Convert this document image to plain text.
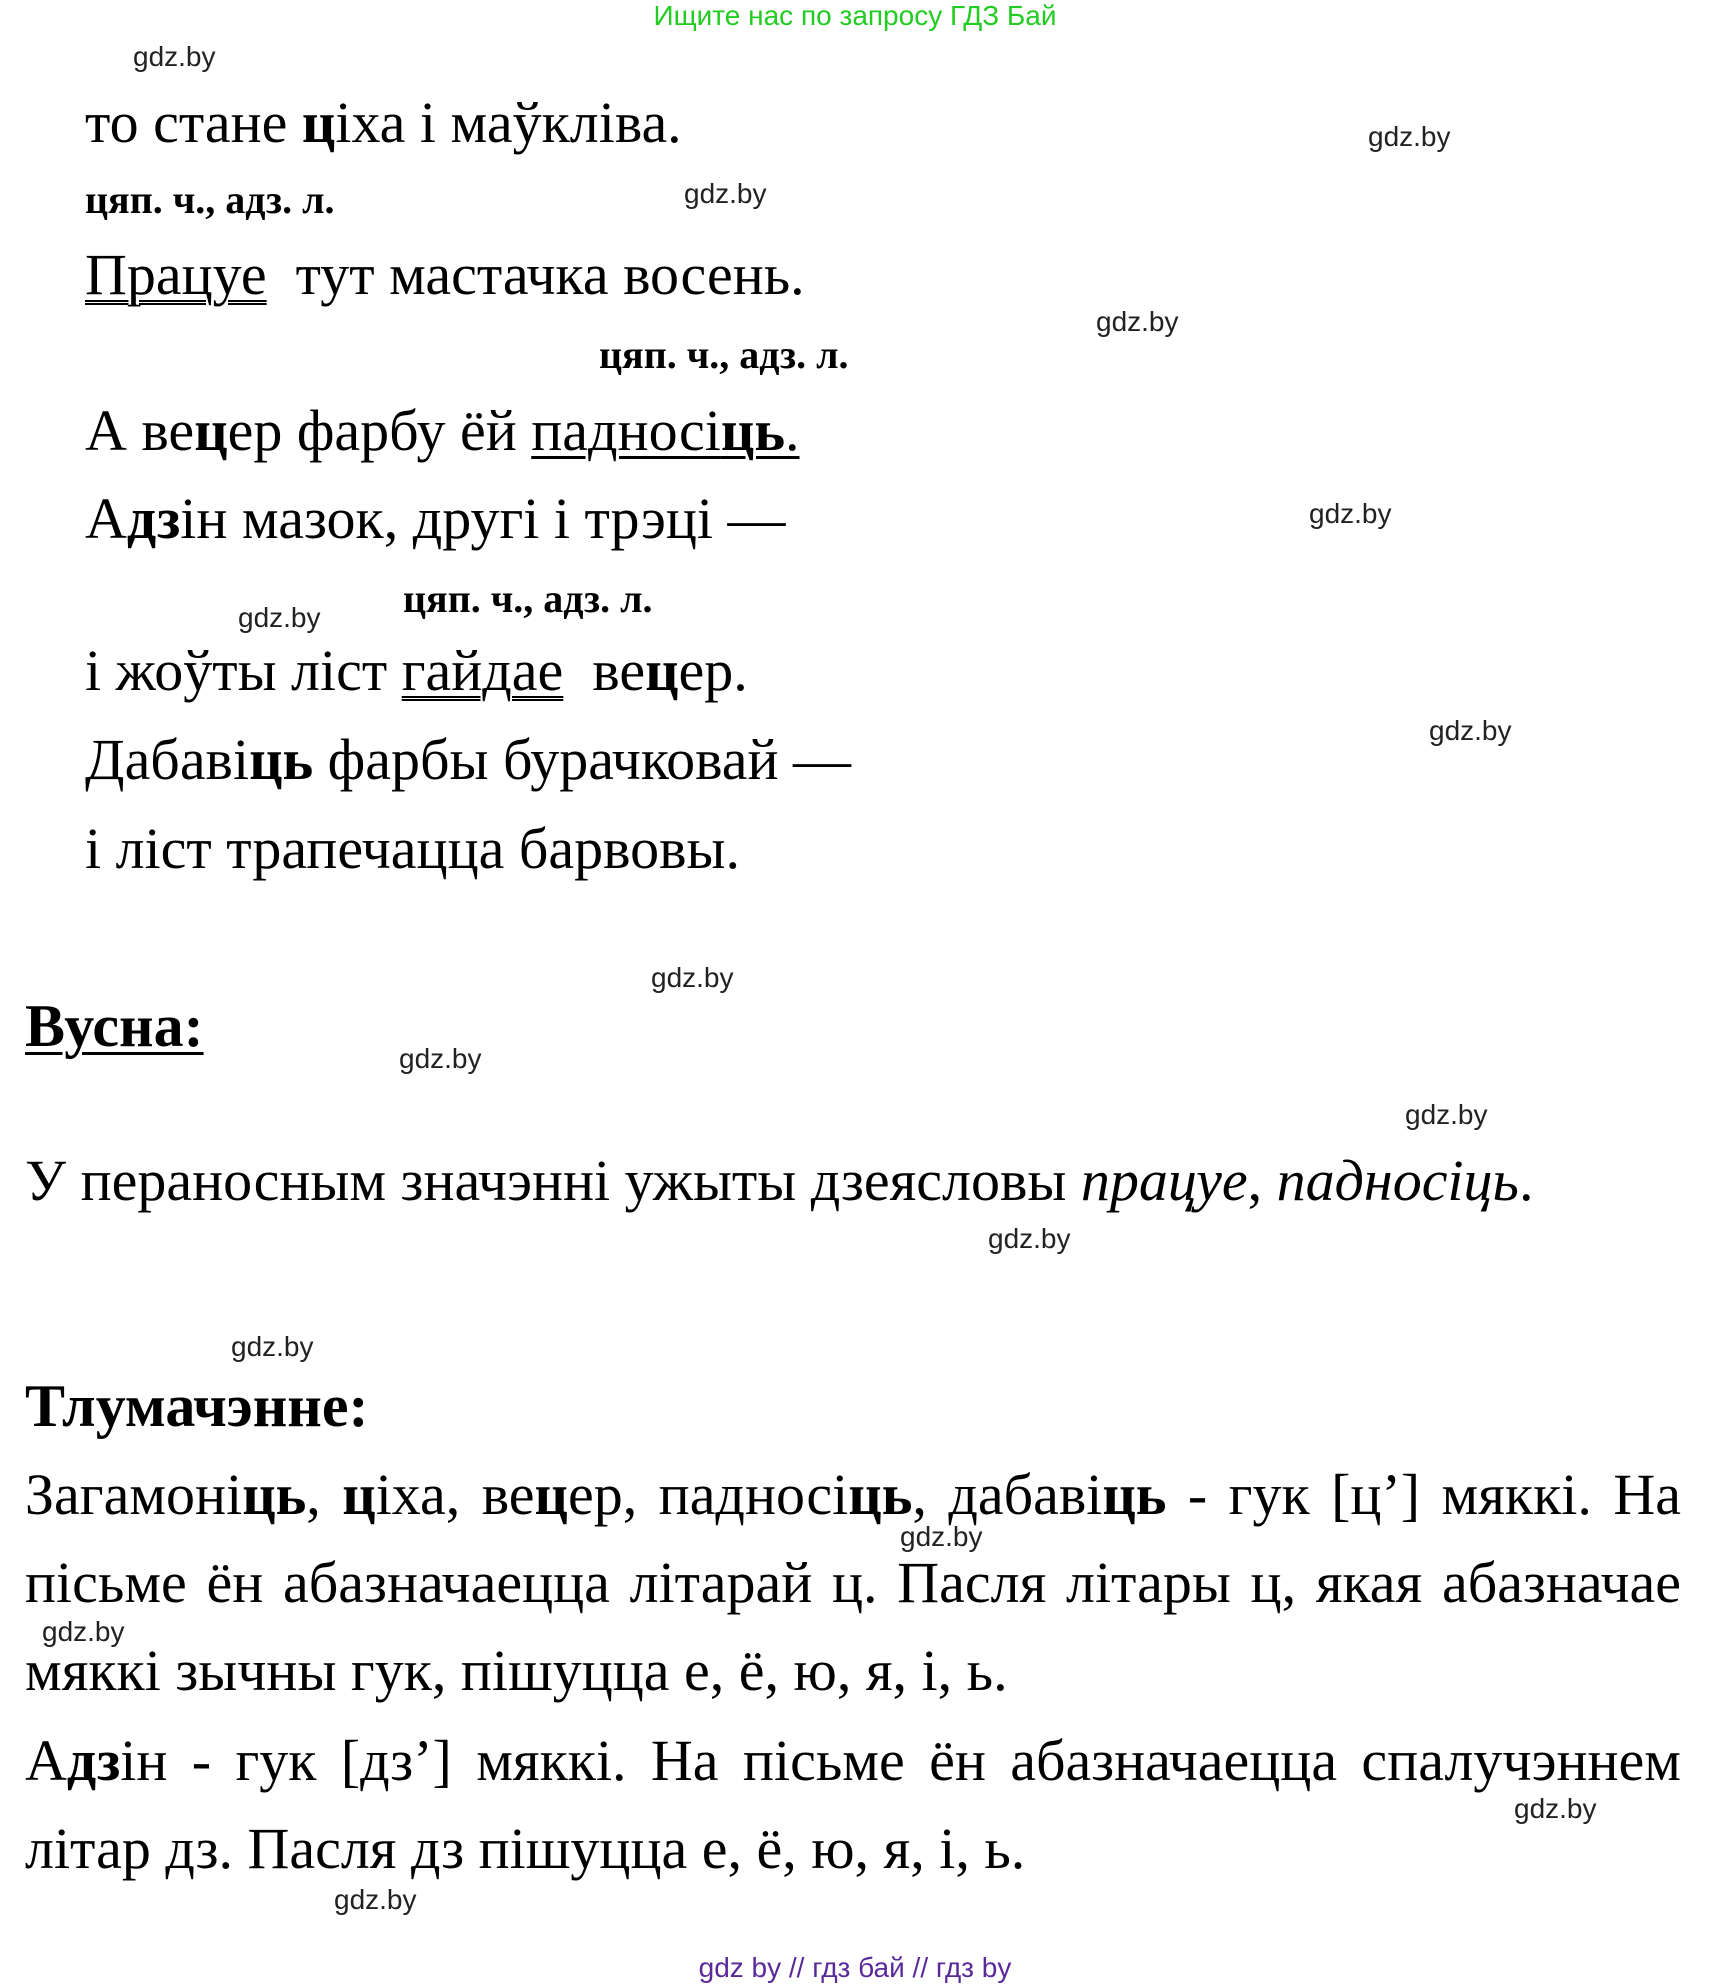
Ищите нас по запросу ГДЗ Бай
то стане ціха і маўклiва.
цяп. ч., адз. л.
Працуе  тут мастачка восень.
цяп. ч., адз. л.
А вецер фарбу ёй падносіць.
Адзін мазок, другі і трэці —
цяп. ч., адз. л.
і жоўты ліст гайдае  вецер.
Дабавіць фарбы бурачковай —
і ліст трапечацца барвовы.
Вусна:
У пераносным значэнні ужыты дзеясловы працуе, падносіць.
Тлумачэнне:
Загамоніць, ціха, вецер, падносіць, дабавіць - гук [ц’] мяккі. На пісьме ён абазначаецца літарай ц. Пасля літары ц, якая абазначае мяккі зычны гук, пішуцца е, ё, ю, я, і, ь.
Адзін - гук [дз’] мяккі. На пісьме ён абазначаецца спалучэннем літар дз. Пасля дз пішуцца е, ё, ю, я, і, ь.
gdz.by
gdz.by
gdz.by
gdz.by
gdz.by
gdz.by
gdz.by
gdz.by
gdz.by
gdz.by
gdz.by
gdz.by
gdz.by
gdz.by
gdz.by
gdz.by
gdz by // гдз бай // гдз by
